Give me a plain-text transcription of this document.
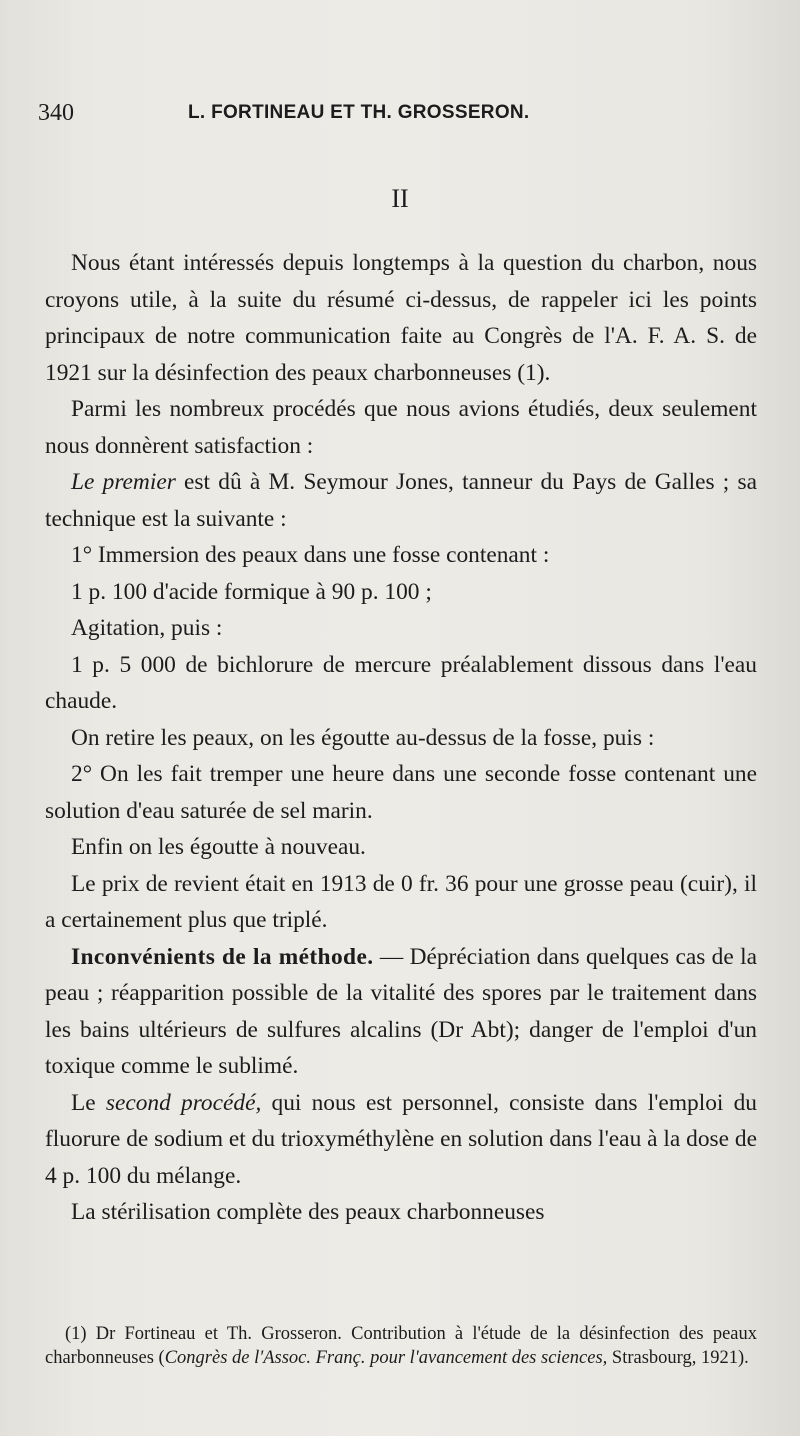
340	L. FORTINEAU ET TH. GROSSERON.
II

Nous étant intéressés depuis longtemps à la question du charbon, nous croyons utile, à la suite du résumé ci-dessus, de rappeler ici les points principaux de notre communication faite au Congrès de l'A. F. A. S. de 1921 sur la désinfection des peaux charbonneuses (1).

Parmi les nombreux procédés que nous avions étudiés, deux seulement nous donnèrent satisfaction :

Le premier est dû à M. Seymour Jones, tanneur du Pays de Galles ; sa technique est la suivante :

1° Immersion des peaux dans une fosse contenant :

1 p. 100 d'acide formique à 90 p. 100 ;

Agitation, puis :

1 p. 5 000 de bichlorure de mercure préalablement dissous dans l'eau chaude.

On retire les peaux, on les égoutte au-dessus de la fosse, puis :

2° On les fait tremper une heure dans une seconde fosse contenant une solution d'eau saturée de sel marin.

Enfin on les égoutte à nouveau.

Le prix de revient était en 1913 de 0 fr. 36 pour une grosse peau (cuir), il a certainement plus que triplé.

Inconvénients de la méthode. — Dépréciation dans quelques cas de la peau ; réapparition possible de la vitalité des spores par le traitement dans les bains ultérieurs de sulfures alcalins (Dr Abt); danger de l'emploi d'un toxique comme le sublimé.

Le second procédé, qui nous est personnel, consiste dans l'emploi du fluorure de sodium et du trioxyméthylène en solution dans l'eau à la dose de 4 p. 100 du mélange.

La stérilisation complète des peaux charbonneuses

(1) Dr Fortineau et Th. Grosseron. Contribution à l'étude de la désinfection des peaux charbonneuses (Congrès de l'Assoc. Franç. pour l'avancement des sciences, Strasbourg, 1921).
